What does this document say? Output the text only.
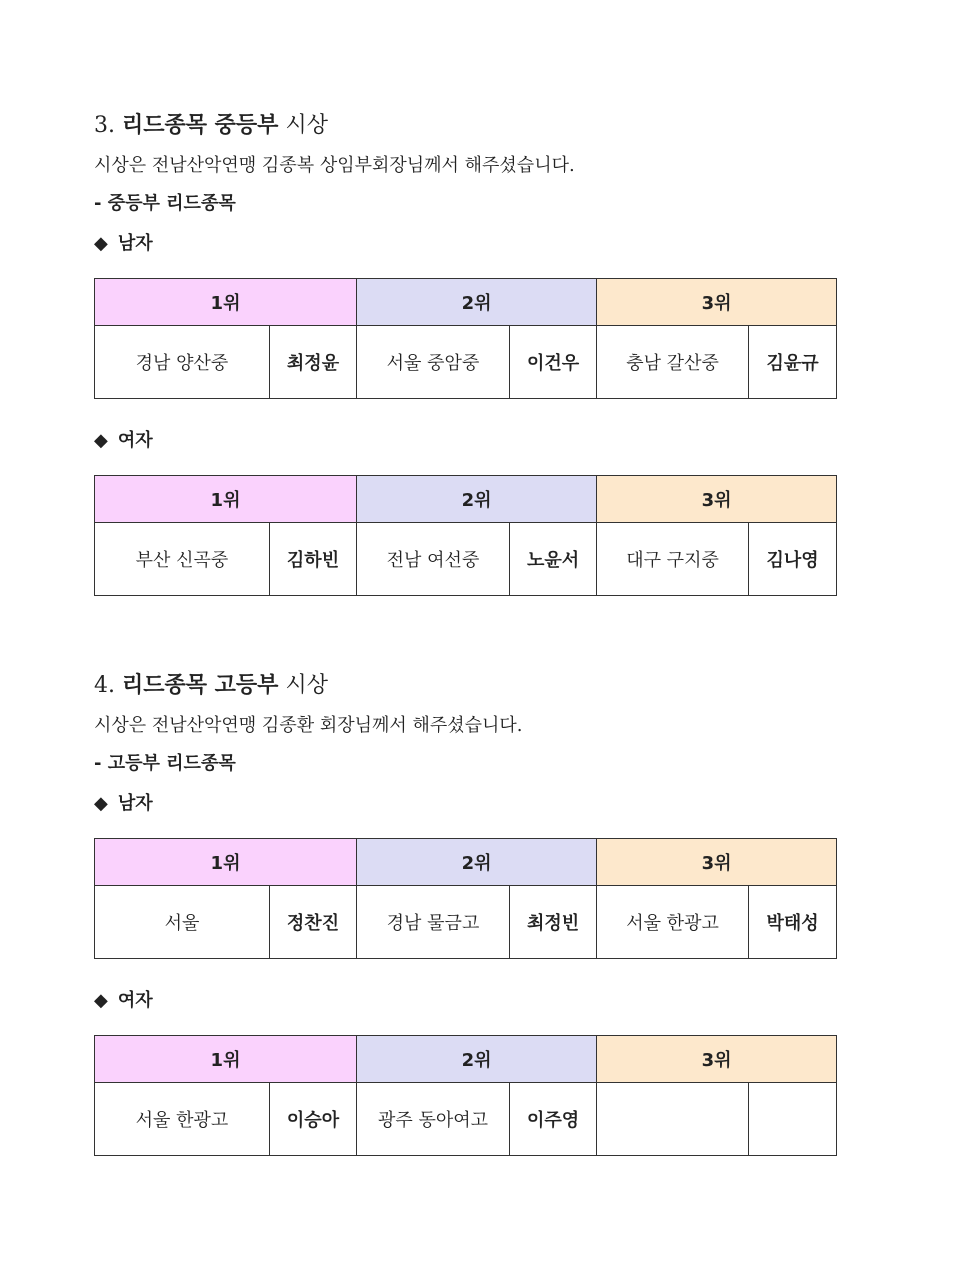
3. 리드종목 중등부 시상
시상은 전남산악연맹 김종복 상임부회장님께서 해주셨습니다.
- 중등부 리드종목
◆ 남자
1위		2위		3위	
경남 양산중	최정윤	서울 중암중	이건우	충남 갈산중	김윤규
◆ 여자
1위		2위		3위	
부산 신곡중	김하빈	전남 여선중	노윤서	대구 구지중	김나영
4. 리드종목 고등부 시상
시상은 전남산악연맹 김종환 회장님께서 해주셨습니다.
- 고등부 리드종목
◆ 남자
1위		2위		3위	
서울	정찬진	경남 물금고	최정빈	서울 한광고	박태성
◆ 여자
1위		2위		3위	
서울 한광고	이승아	광주 동아여고	이주영		
